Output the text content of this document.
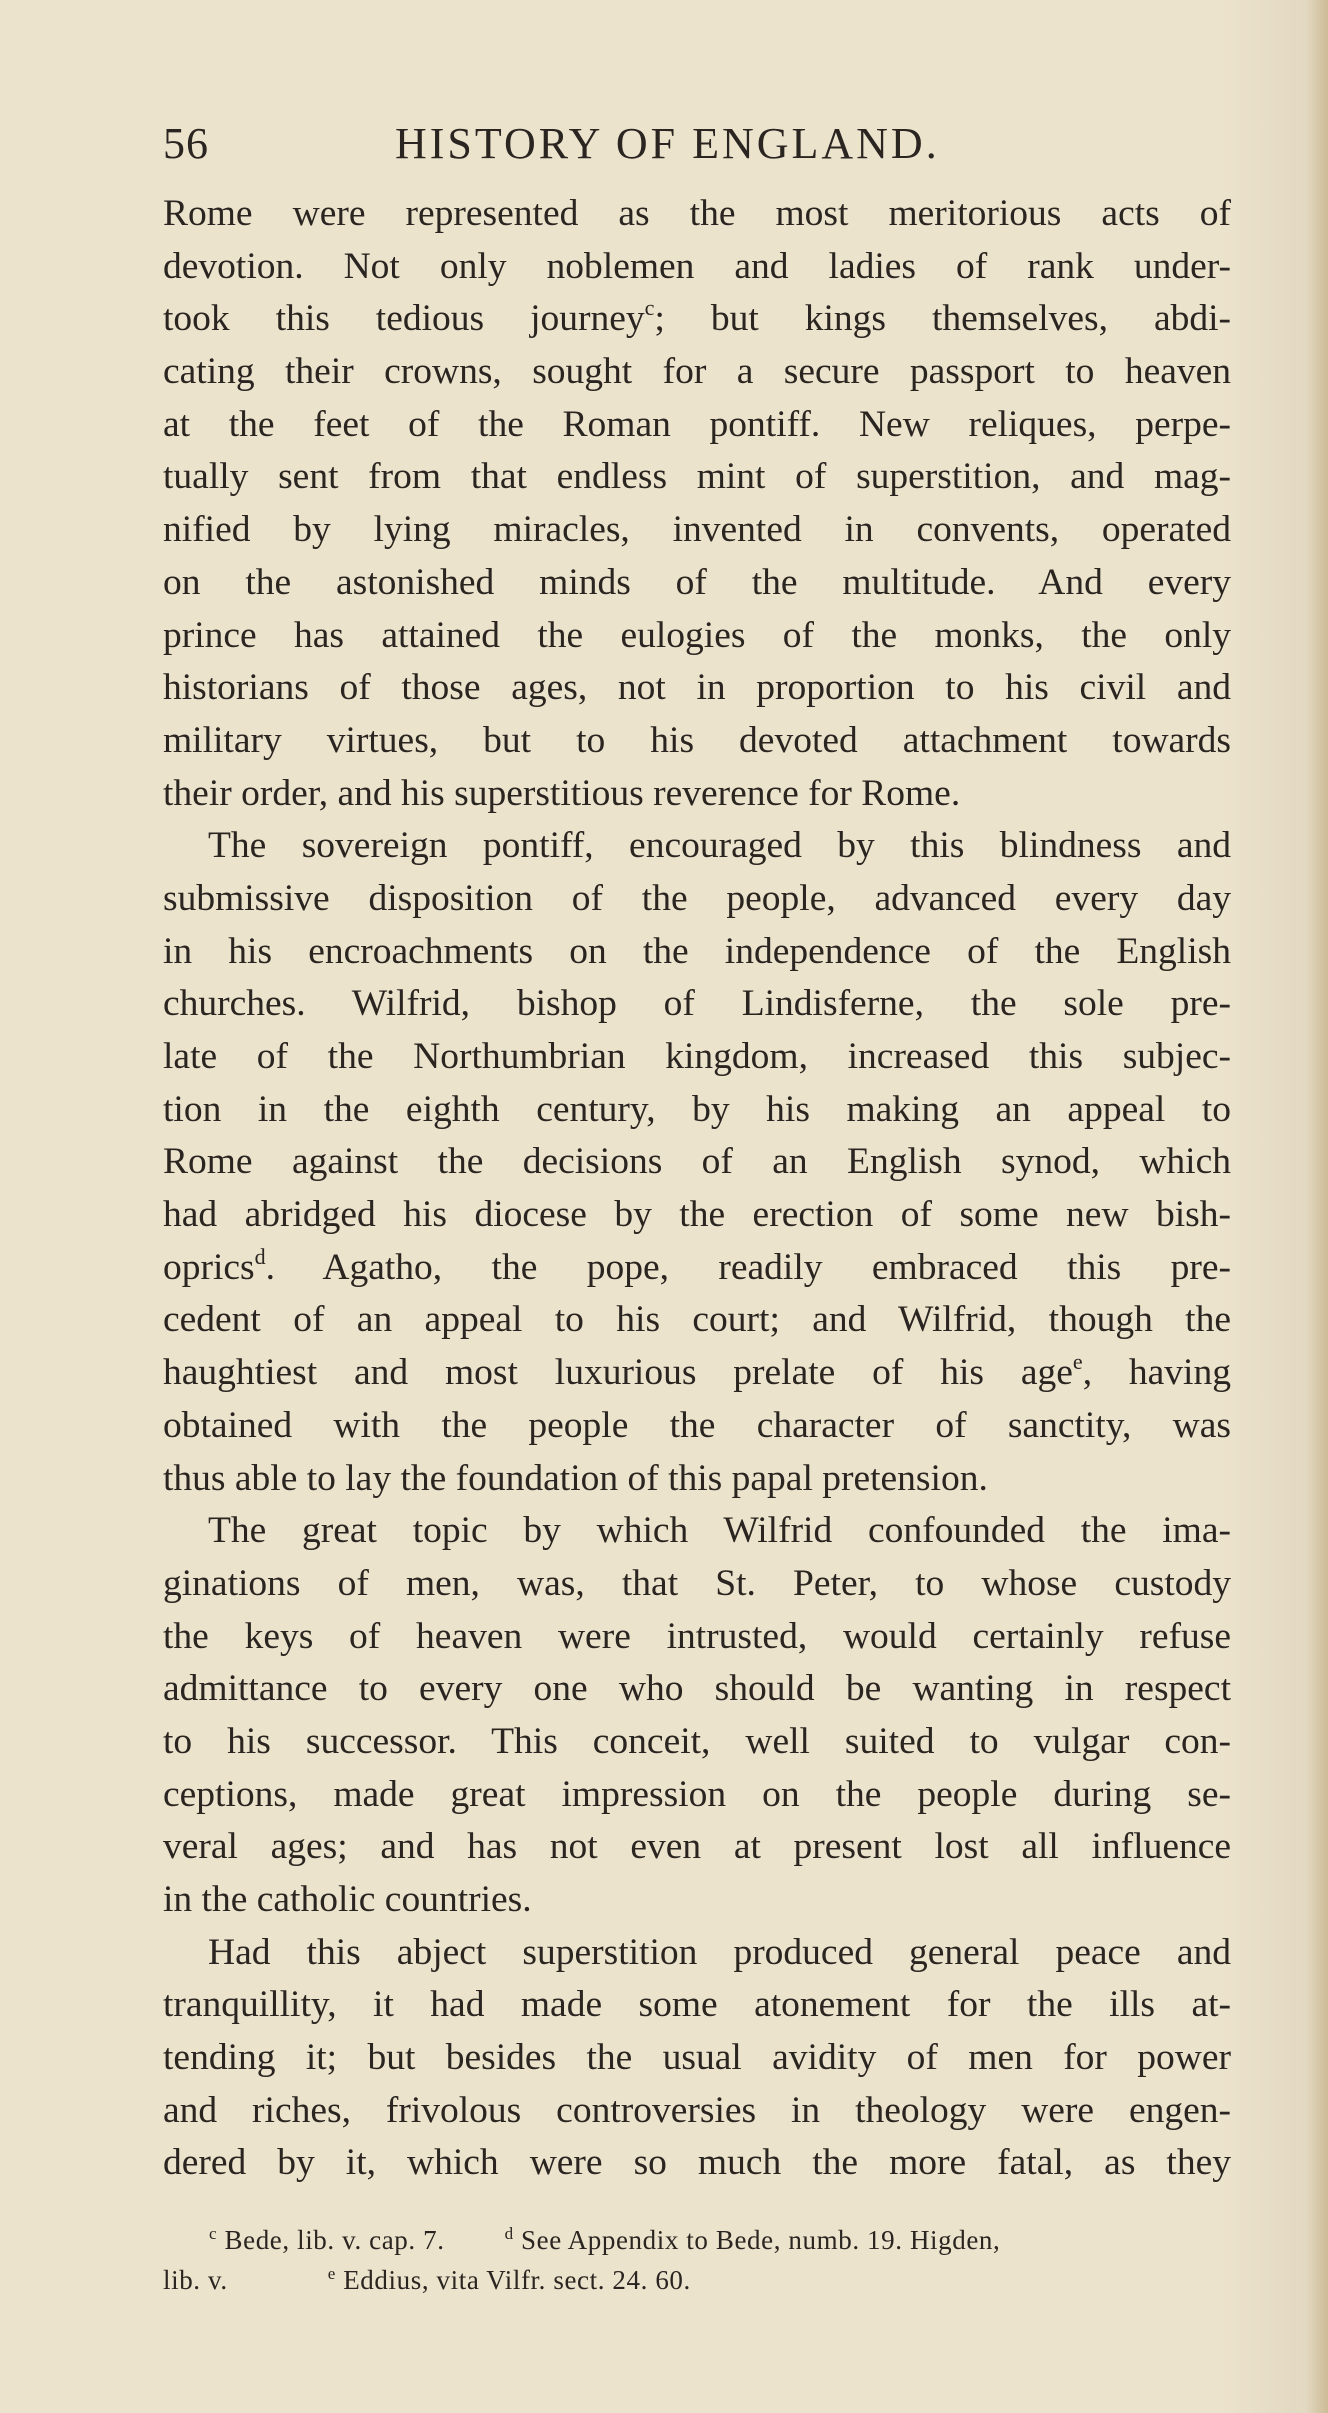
56	HISTORY OF ENGLAND.
Rome were represented as the most meritorious acts of
devotion. Not only noblemen and ladies of rank under-
took this tedious journey$^c$; but kings themselves, abdi-
cating their crowns, sought for a secure passport to heaven
at the feet of the Roman pontiff. New reliques, perpe-
tually sent from that endless mint of superstition, and mag-
nified by lying miracles, invented in convents, operated
on the astonished minds of the multitude. And every
prince has attained the eulogies of the monks, the only
historians of those ages, not in proportion to his civil and
military virtues, but to his devoted attachment towards
their order, and his superstitious reverence for Rome.
The sovereign pontiff, encouraged by this blindness and
submissive disposition of the people, advanced every day
in his encroachments on the independence of the English
churches. Wilfrid, bishop of Lindisferne, the sole pre-
late of the Northumbrian kingdom, increased this subjec-
tion in the eighth century, by his making an appeal to
Rome against the decisions of an English synod, which
had abridged his diocese by the erection of some new bish-
oprics$^d$. Agatho, the pope, readily embraced this pre-
cedent of an appeal to his court; and Wilfrid, though the
haughtiest and most luxurious prelate of his age$^e$, having
obtained with the people the character of sanctity, was
thus able to lay the foundation of this papal pretension.
The great topic by which Wilfrid confounded the ima-
ginations of men, was, that St. Peter, to whose custody
the keys of heaven were intrusted, would certainly refuse
admittance to every one who should be wanting in respect
to his successor. This conceit, well suited to vulgar con-
ceptions, made great impression on the people during se-
veral ages; and has not even at present lost all influence
in the catholic countries.
Had this abject superstition produced general peace and
tranquillity, it had made some atonement for the ills at-
tending it; but besides the usual avidity of men for power
and riches, frivolous controversies in theology were engen-
dered by it, which were so much the more fatal, as they
$^c$ Bede, lib. v. cap. 7.	$^d$ See Appendix to Bede, numb. 19. Higden,
lib. v.	$^e$ Eddius, vita Vilfr. sect. 24. 60.
